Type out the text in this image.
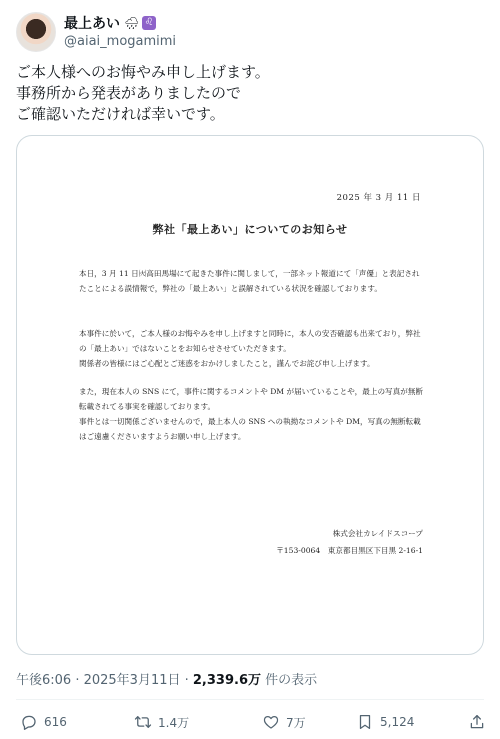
最上あい 🌧 ♌
@aiai_mogamimi
ご本人様へのお悔やみ申し上げます。
事務所から発表がありましたので
ご確認いただければ幸いです。
2025 年 3 月 11 日
弊社「最上あい」についてのお知らせ

本日，3 月 11 日㈫高田馬場にて起きた事件に関しまして，一部ネット報道にて「声優」と表記されたことによる誤情報で，弊社の「最上あい」と誤解されている状況を確認しております。

本事件に於いて，ご本人様のお悔やみを申し上げますと同時に，本人の安否確認も出来ており，弊社の「最上あい」ではないことをお知らせさせていただきます。

関係者の皆様にはご心配とご迷惑をおかけしましたこと，謹んでお詫び申し上げます。

また，現在本人の SNS にて，事件に関するコメントや DM が届いていることや，最上の写真が無断転載されてる事実を確認しております。

事件とは一切関係ございませんので，最上本人の SNS への執拗なコメントや DM，写真の無断転載はご遠慮くださいますようお願い申し上げます。

株式会社カレイドスコープ
〒153-0064　東京都目黒区下目黒 2-16-1
午後6:06 · 2025年3月11日 · 2,339.6万 件の表示
616	1.4万	7万	5,124
